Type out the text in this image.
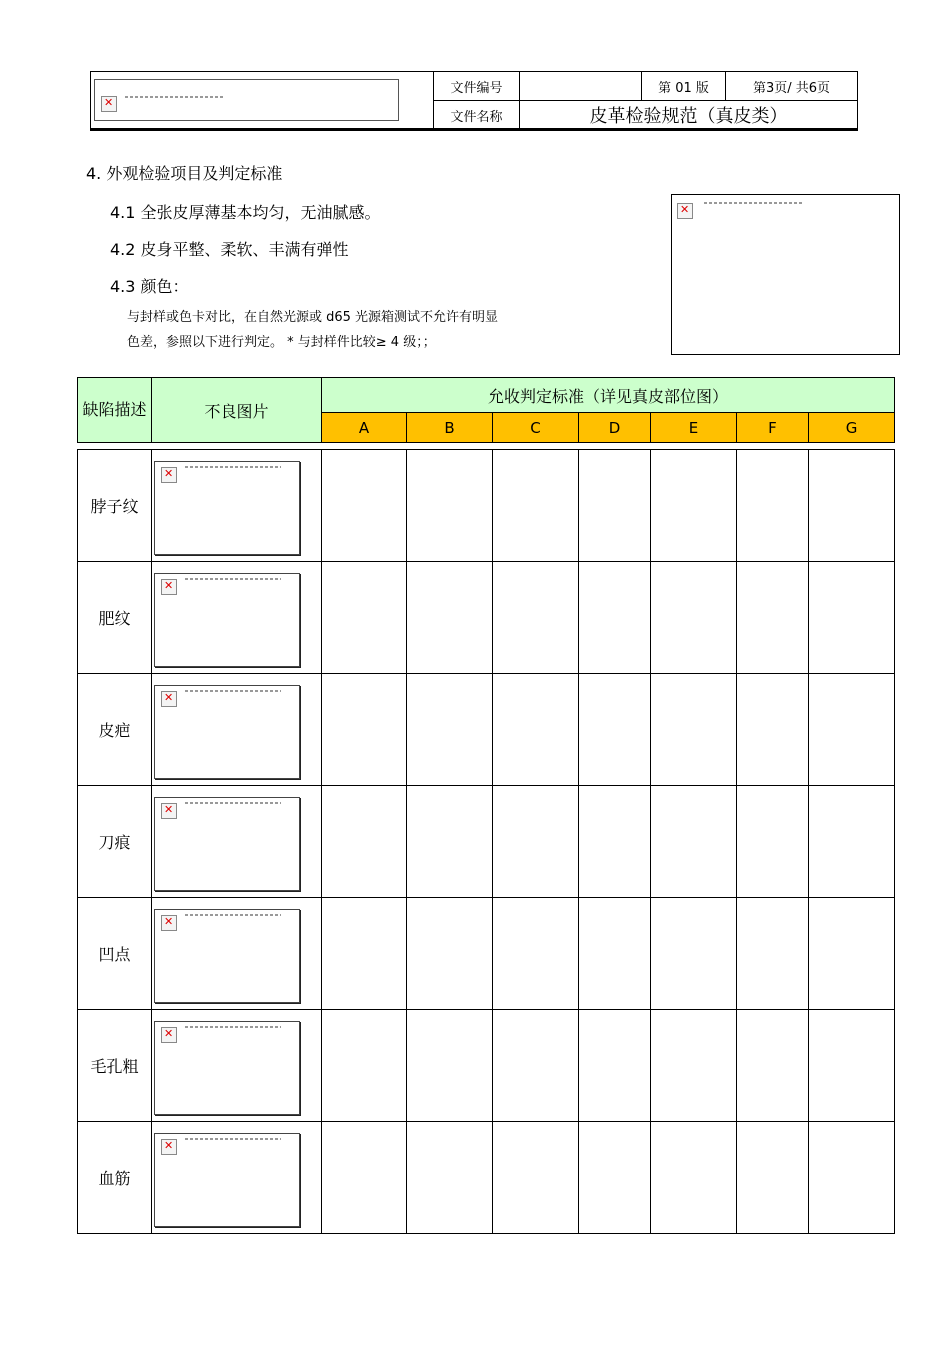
✕
文件编号	第 01 版	第3页/ 共6页
文件名称	皮革检验规范（真皮类）
4. 外观检验项目及判定标准
4.1 全张皮厚薄基本均匀，无油腻感。
4.2 皮身平整、柔软、丰满有弹性
4.3 颜色：
与封样或色卡对比，在自然光源或 d65 光源箱测试不允许有明显
色差，参照以下进行判定。 * 与封样件比较≥ 4 级；；
✕
缺陷描述	不良图片	允收判定标准（详见真皮部位图）						
		A	B	C	D	E	F	G

脖子纹	
✕

肥纹	
✕

皮疤	
✕

刀痕	
✕

凹点	
✕

毛孔粗	
✕

血筋	
✕
